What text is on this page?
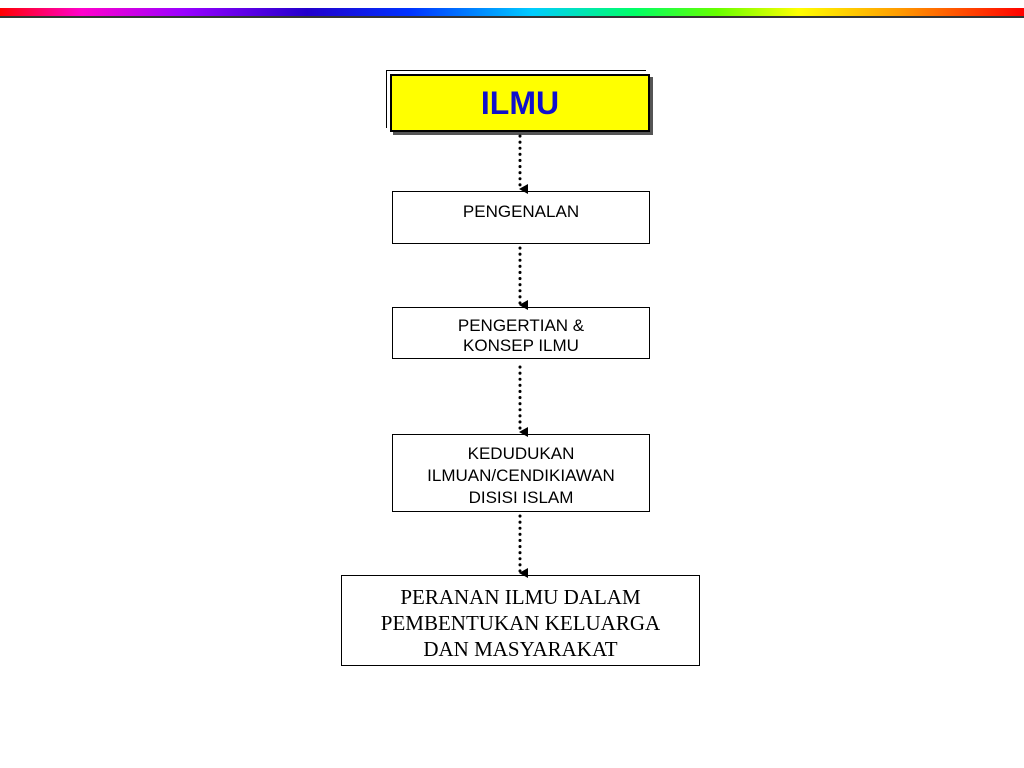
ILMU
PENGENALAN
PENGERTIAN &
KONSEP ILMU
KEDUDUKAN
ILMUAN/CENDIKIAWAN
DISISI ISLAM
PERANAN ILMU DALAM
PEMBENTUKAN KELUARGA
DAN MASYARAKAT
